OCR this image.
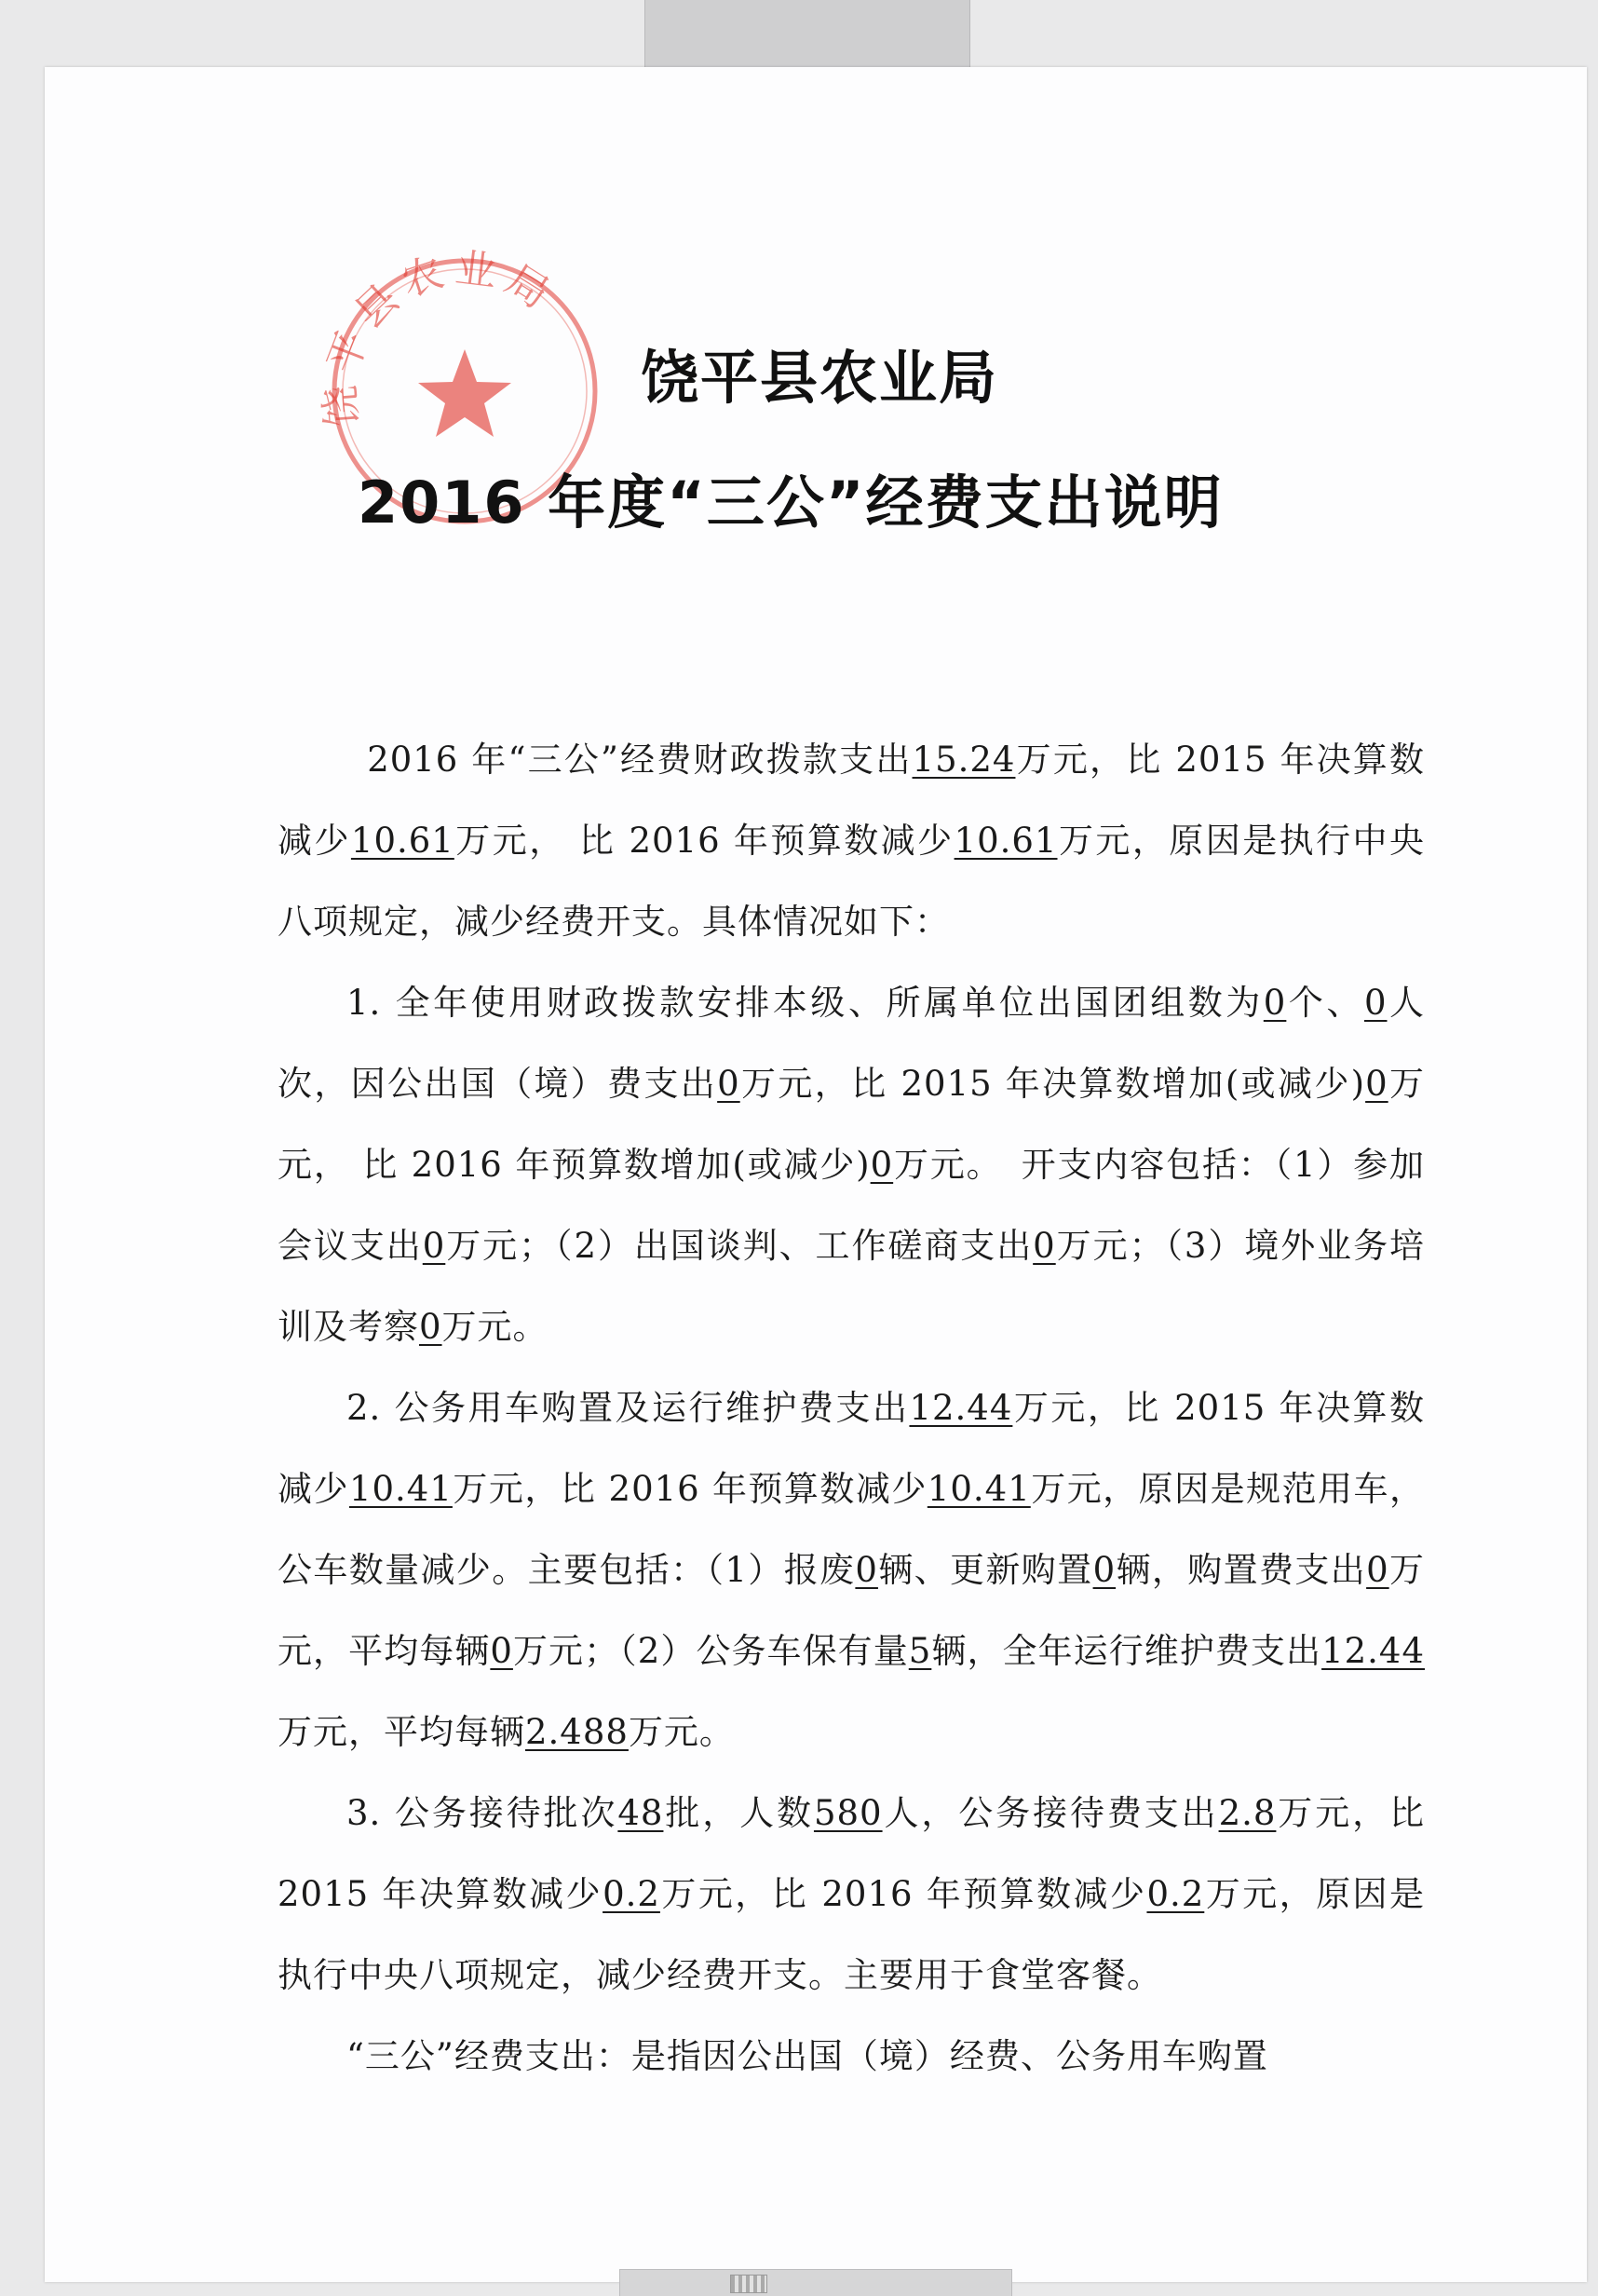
饶平县农业局
饶平县农业局
2016 年度“三公”经费支出说明

2016 年“三公”经费财政拨款支出15.24万元，比 2015 年决算数减少10.61万元， 比 2016 年预算数减少10.61万元，原因是执行中央八项规定，减少经费开支。具体情况如下：

1. 全年使用财政拨款安排本级、所属单位出国团组数为0个、0人次，因公出国（境）费支出0万元，比 2015 年决算数增加(或减少)0万元， 比 2016 年预算数增加(或减少)0万元。　开支内容包括：（1）参加会议支出0万元；（2）出国谈判、工作磋商支出0万元；（3）境外业务培训及考察0万元。

2. 公务用车购置及运行维护费支出12.44万元，比 2015 年决算数减少10.41万元，比 2016 年预算数减少10.41万元，原因是规范用车，公车数量减少。主要包括：（1）报废0辆、更新购置0辆，购置费支出0万元，平均每辆0万元；（2）公务车保有量5辆，全年运行维护费支出12.44万元，平均每辆2.488万元。

3. 公务接待批次48批，人数580人，公务接待费支出2.8万元，比 2015 年决算数减少0.2万元，比 2016 年预算数减少0.2万元，原因是执行中央八项规定，减少经费开支。主要用于食堂客餐。

“三公”经费支出：是指因公出国（境）经费、公务用车购置
